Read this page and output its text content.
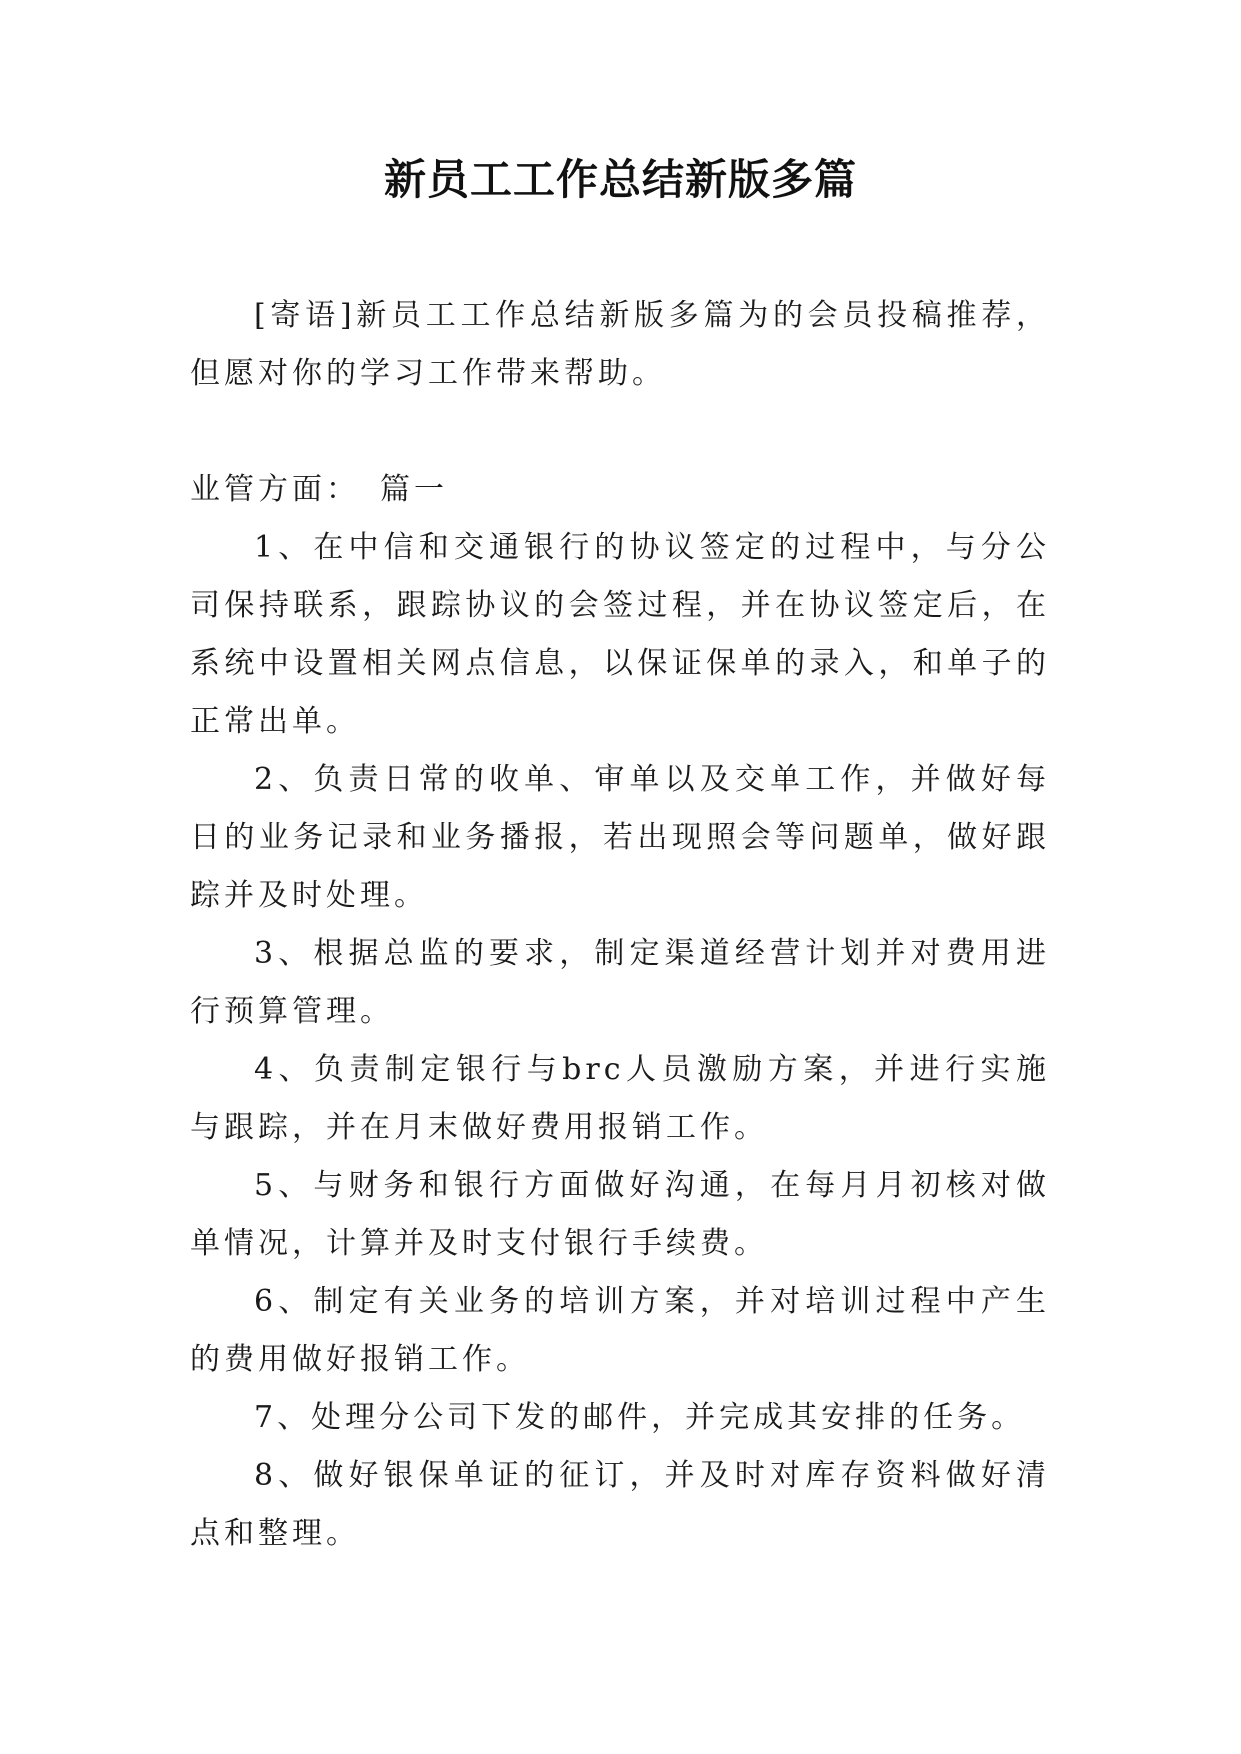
新员工工作总结新版多篇

[寄语]新员工工作总结新版多篇为的会员投稿推荐，但愿对你的学习工作带来帮助。

业管方面： 篇一

1、在中信和交通银行的协议签定的过程中，与分公司保持联系，跟踪协议的会签过程，并在协议签定后，在系统中设置相关网点信息，以保证保单的录入，和单子的正常出单。

2、负责日常的收单、审单以及交单工作，并做好每日的业务记录和业务播报，若出现照会等问题单，做好跟踪并及时处理。

3、根据总监的要求，制定渠道经营计划并对费用进行预算管理。

4、负责制定银行与brc人员激励方案，并进行实施与跟踪，并在月末做好费用报销工作。

5、与财务和银行方面做好沟通，在每月月初核对做单情况，计算并及时支付银行手续费。

6、制定有关业务的培训方案，并对培训过程中产生的费用做好报销工作。

7、处理分公司下发的邮件，并完成其安排的任务。

8、做好银保单证的征订，并及时对库存资料做好清点和整理。
